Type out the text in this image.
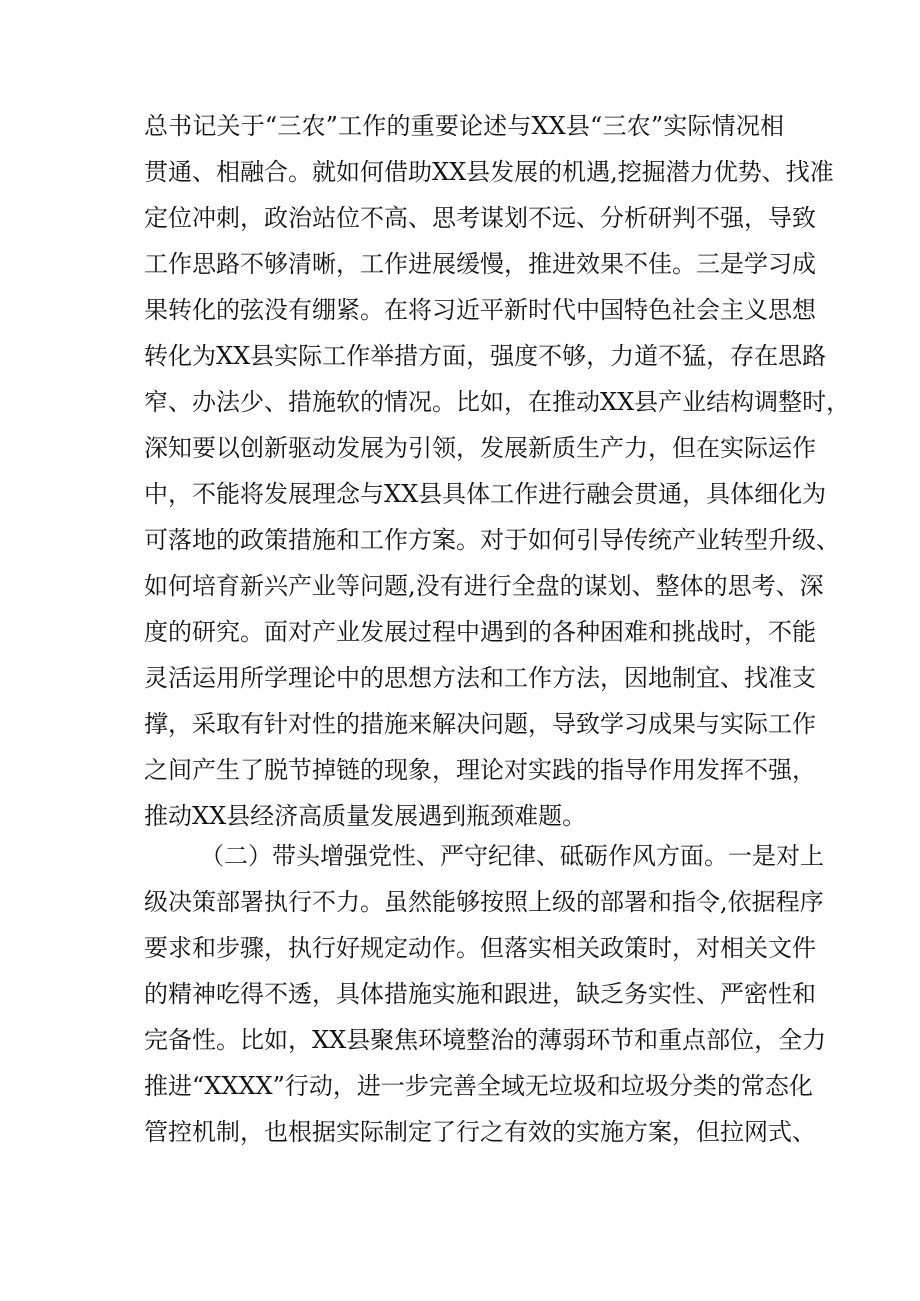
总书记关于“三农”工作的重要论述与XX县“三农”实际情况相
贯通、相融合。就如何借助XX县发展的机遇,挖掘潜力优势、找准
定位冲刺，政治站位不高、思考谋划不远、分析研判不强，导致
工作思路不够清晰，工作进展缓慢，推进效果不佳。三是学习成
果转化的弦没有绷紧。在将习近平新时代中国特色社会主义思想
转化为XX县实际工作举措方面，强度不够，力道不猛，存在思路
窄、办法少、措施软的情况。比如，在推动XX县产业结构调整时，
深知要以创新驱动发展为引领，发展新质生产力，但在实际运作
中，不能将发展理念与XX县具体工作进行融会贯通，具体细化为
可落地的政策措施和工作方案。对于如何引导传统产业转型升级、
如何培育新兴产业等问题,没有进行全盘的谋划、整体的思考、深
度的研究。面对产业发展过程中遇到的各种困难和挑战时，不能
灵活运用所学理论中的思想方法和工作方法，因地制宜、找准支
撑，采取有针对性的措施来解决问题，导致学习成果与实际工作
之间产生了脱节掉链的现象，理论对实践的指导作用发挥不强，
推动XX县经济高质量发展遇到瓶颈难题。
（二）带头增强党性、严守纪律、砥砺作风方面。一是对上
级决策部署执行不力。虽然能够按照上级的部署和指令,依据程序
要求和步骤，执行好规定动作。但落实相关政策时，对相关文件
的精神吃得不透，具体措施实施和跟进，缺乏务实性、严密性和
完备性。比如，XX县聚焦环境整治的薄弱环节和重点部位，全力
推进“XXXX”行动，进一步完善全域无垃圾和垃圾分类的常态化
管控机制，也根据实际制定了行之有效的实施方案，但拉网式、
